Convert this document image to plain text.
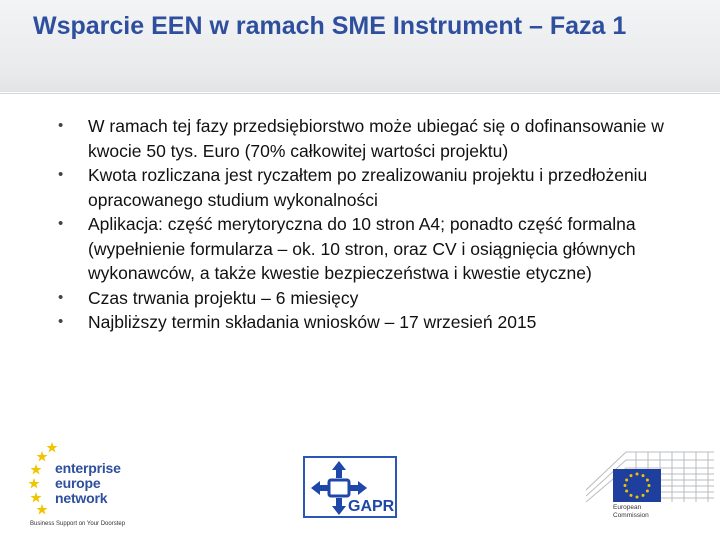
Wsparcie EEN w ramach SME Instrument – Faza 1
• W ramach tej fazy przedsiębiorstwo może ubiegać się o dofinansowanie w kwocie 50 tys. Euro (70% całkowitej wartości projektu)
• Kwota rozliczana jest ryczałtem po zrealizowaniu projektu i przedłożeniu opracowanego studium wykonalności
• Aplikacja: część merytoryczna do 10 stron A4; ponadto część formalna (wypełnienie formularza – ok. 10 stron, oraz CV i osiągnięcia głównych wykonawców, a także kwestie bezpieczeństwa i kwestie etyczne)
• Czas trwania projektu – 6 miesięcy
• Najbliższy termin składania wniosków – 17 wrzesień 2015
enterprise
europe
network
Business Support on Your Doorstep
GAPR	European
Commission
